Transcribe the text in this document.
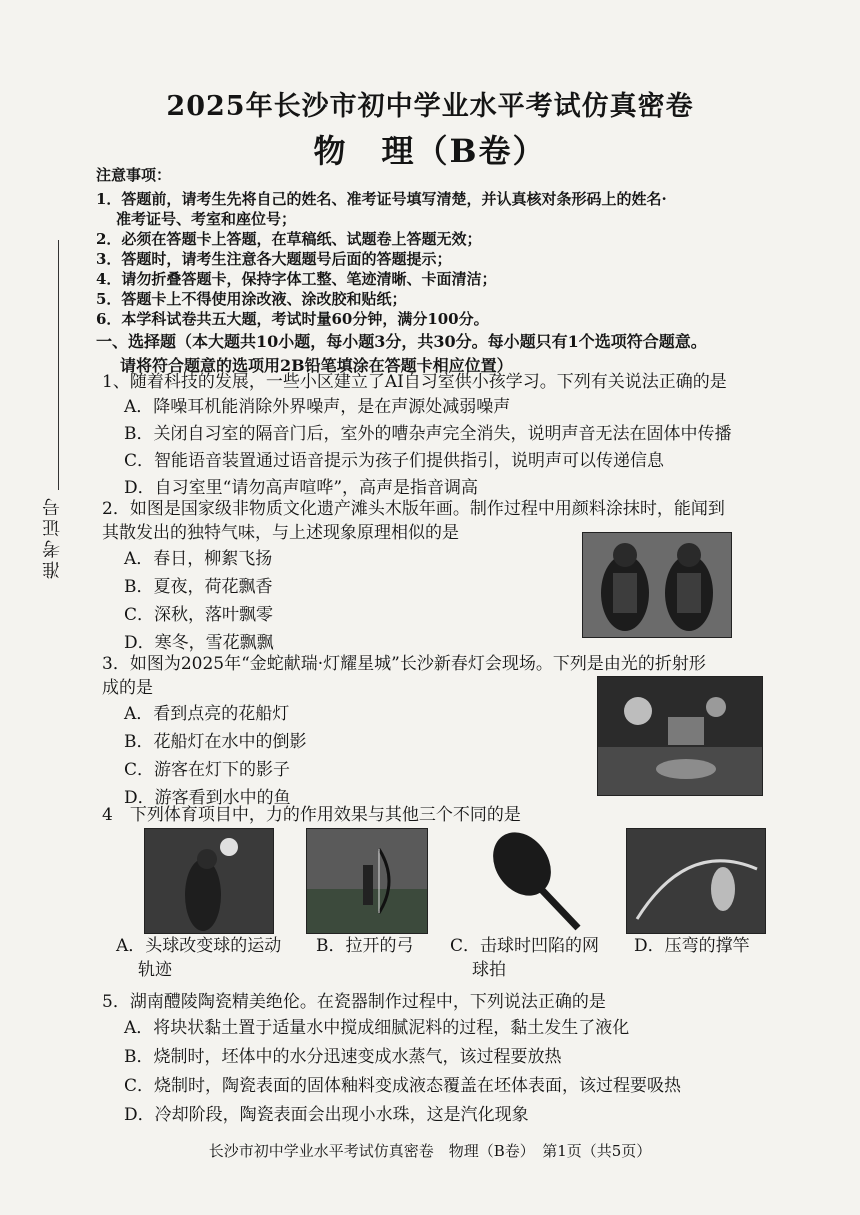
2025年长沙市初中学业水平考试仿真密卷
物　理（B卷）
准考证号
注意事项：
1．答题前，请考生先将自己的姓名、准考证号填写清楚，并认真核对条形码上的姓名·
准考证号、考室和座位号；
2．必须在答题卡上答题，在草稿纸、试题卷上答题无效；
3．答题时，请考生注意各大题题号后面的答题提示；
4．请勿折叠答题卡，保持字体工整、笔迹清晰、卡面清洁；
5．答题卡上不得使用涂改液、涂改胶和贴纸；
6．本学科试卷共五大题，考试时量60分钟，满分100分。
一、选择题（本大题共10小题，每小题3分，共30分。每小题只有1个选项符合题意。
请将符合题意的选项用2B铅笔填涂在答题卡相应位置）
1、随着科技的发展，一些小区建立了AI自习室供小孩学习。下列有关说法正确的是
A．降噪耳机能消除外界噪声，是在声源处减弱噪声
B．关闭自习室的隔音门后，室外的嘈杂声完全消失，说明声音无法在固体中传播
C．智能语音装置通过语音提示为孩子们提供指引，说明声可以传递信息
D．自习室里“请勿高声喧哗”，高声是指音调高
2．如图是国家级非物质文化遗产滩头木版年画。制作过程中用颜料涂抹时，能闻到
其散发出的独特气味，与上述现象原理相似的是
A．春日，柳絮飞扬
B．夏夜，荷花飘香
C．深秋，落叶飘零
D．寒冬，雪花飘飘
3．如图为2025年“金蛇献瑞·灯耀星城”长沙新春灯会现场。下列是由光的折射形
成的是
A．看到点亮的花船灯
B．花船灯在水中的倒影
C．游客在灯下的影子
D．游客看到水中的鱼
4　下列体育项目中，力的作用效果与其他三个不同的是
A．头球改变球的运动
轨迹
B．拉开的弓 C．击球时凹陷的网
球拍
D．压弯的撑竿
5．湖南醴陵陶瓷精美绝伦。在瓷器制作过程中，下列说法正确的是
A．将块状黏土置于适量水中搅成细腻泥料的过程，黏土发生了液化
B．烧制时，坯体中的水分迅速变成水蒸气，该过程要放热
C．烧制时，陶瓷表面的固体釉料变成液态覆盖在坯体表面，该过程要吸热
D．冷却阶段，陶瓷表面会出现小水珠，这是汽化现象
长沙市初中学业水平考试仿真密卷　物理（B卷）　第1页（共5页）
